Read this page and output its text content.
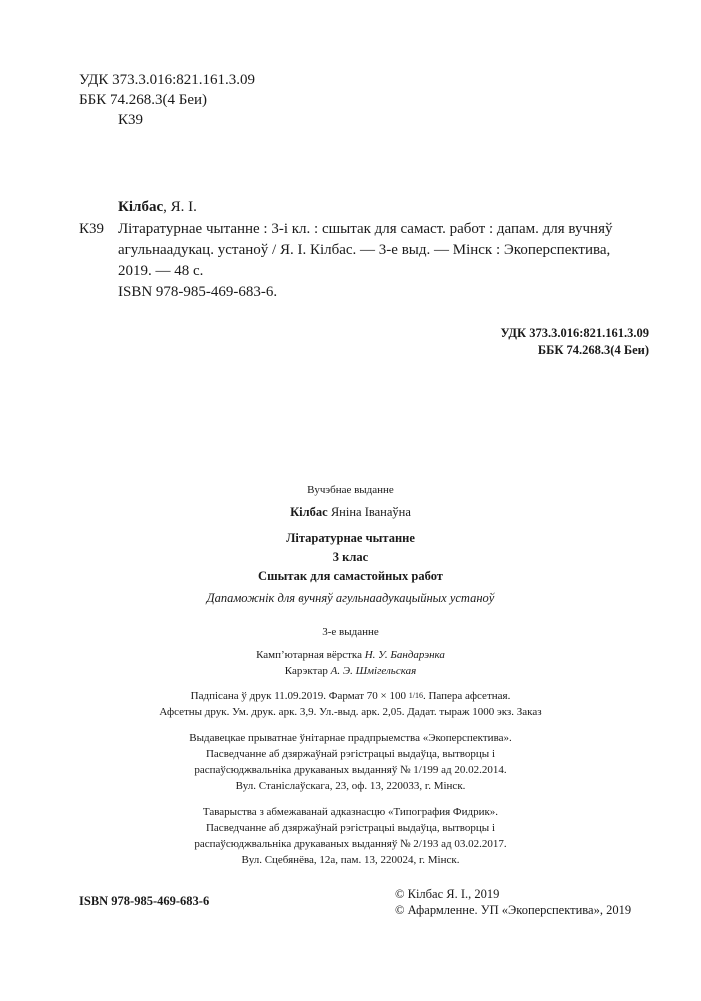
УДК 373.3.016:821.161.3.09
ББК 74.268.3(4 Беи)
К39
Кілбас, Я. І.
К39 Літаратурнае чытанне : 3-і кл. : сшытак для самаст. работ : дапам. для вучняў
агульнаадукац. устаноў / Я. І. Кілбас. — 3-е выд. — Мінск : Экоперспектива,
2019. — 48 с.
ISBN 978-985-469-683-6.
УДК 373.3.016:821.161.3.09
ББК 74.268.3(4 Беи)
Вучэбнае выданне
Кілбас Яніна Іванаўна
Літаратурнае чытанне
3 клас
Сшытак для самастойных работ
Дапаможнік для вучняў агульнаадукацыйных устаноў
3-е выданне
Камп’ютарная вёрстка Н. У. Бандарэнка
Карэктар А. Э. Шмігельская
Падпісана ў друк 11.09.2019. Фармат 70 × 100 1/16. Папера афсетная.
Афсетны друк. Ум. друк. арк. 3,9. Ул.-выд. арк. 2,05. Дадат. тыраж 1000 экз. Заказ
Выдавецкае прыватнае ўнітарнае прадпрыемства «Экоперспектива».
Пасведчанне аб дзяржаўнай рэгістрацыі выдаўца, вытворцы і
распаўсюджвальніка друкаваных выданняў № 1/199 ад 20.02.2014.
Вул. Станіслаўскага, 23, оф. 13, 220033, г. Мінск.
Таварыства з абмежаванай адказнасцю «Типография Фидрик».
Пасведчанне аб дзяржаўнай рэгістрацыі выдаўца, вытворцы і
распаўсюджвальніка друкаваных выданняў № 2/193 ад 03.02.2017.
Вул. Сцебянёва, 12а, пам. 13, 220024, г. Мінск.
ISBN 978-985-469-683-6	© Кілбас Я. І., 2019
© Афармленне. УП «Экоперспектива», 2019
